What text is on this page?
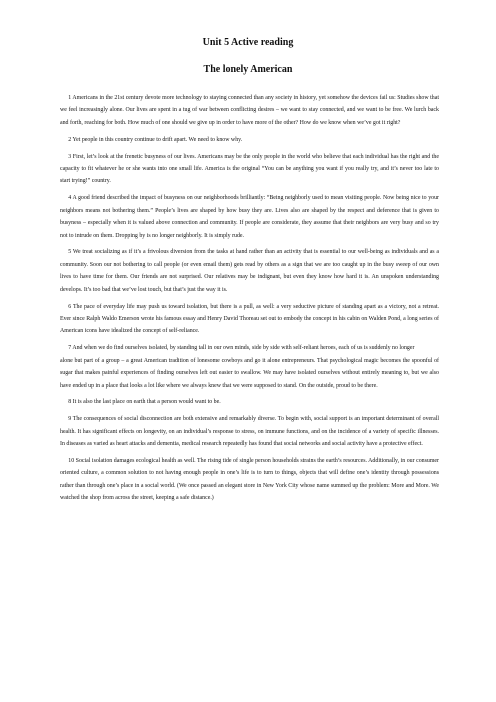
Unit 5 Active reading
The lonely American

1 Americans in the 21st century devote more technology to staying connected than any society in history, yet somehow the devices fail us: Studies show that we feel increasingly alone. Our lives are spent in a tug of war between conflicting desires – we want to stay connected, and we want to be free. We lurch back and forth, reaching for both. How much of one should we give up in order to have more of the other? How do we know when we’ve got it right?

2 Yet people in this country continue to drift apart. We need to know why.

3 First, let’s look at the frenetic busyness of our lives. Americans may be the only people in the world who believe that each individual has the right and the capacity to fit whatever he or she wants into one small life. America is the original “You can be anything you want if you really try, and it’s never too late to start trying!” country.

4 A good friend described the impact of busyness on our neighborhoods brilliantly: “Being neighborly used to mean visiting people. Now being nice to your neighbors means not bothering them.” People’s lives are shaped by how busy they are. Lives also are shaped by the respect and deference that is given to busyness – especially when it is valued above connection and community. If people are considerate, they assume that their neighbors are very busy and so try not to intrude on them. Dropping by is no longer neighborly. It is simply rude.

5 We treat socializing as if it’s a frivolous diversion from the tasks at hand rather than an activity that is essential to our well-being as individuals and as a community. Soon our not bothering to call people (or even email them) gets read by others as a sign that we are too caught up in the busy sweep of our own lives to have time for them. Our friends are not surprised. Our relatives may be indignant, but even they know how hard it is. An unspoken understanding develops. It’s too bad that we’ve lost touch, but that’s just the way it is.

6 The pace of everyday life may push us toward isolation, but there is a pull, as well: a very seductive picture of standing apart as a victory, not a retreat. Ever since Ralph Waldo Emerson wrote his famous essay and Henry David Thoreau set out to embody the concept in his cabin on Walden Pond, a long series of American icons have idealized the concept of self-reliance.

7 And when we do find ourselves isolated, by standing tall in our own minds, side by side with self-reliant heroes, each of us is suddenly no longer

alone but part of a group – a great American tradition of lonesome cowboys and go it alone entrepreneurs. That psychological magic becomes the spoonful of sugar that makes painful experiences of finding ourselves left out easier to swallow. We may have isolated ourselves without entirely meaning to, but we also have ended up in a place that looks a lot like where we always knew that we were supposed to stand. On the outside, proud to be there.

8 It is also the last place on earth that a person would want to be.

9 The consequences of social disconnection are both extensive and remarkably diverse. To begin with, social support is an important determinant of overall health. It has significant effects on longevity, on an individual’s response to stress, on immune functions, and on the incidence of a variety of specific illnesses. In diseases as varied as heart attacks and dementia, medical research repeatedly has found that social networks and social activity have a protective effect.

10 Social isolation damages ecological health as well. The rising tide of single person households strains the earth’s resources. Additionally, in our consumer oriented culture, a common solution to not having enough people in one’s life is to turn to things, objects that will define one’s identity through possessions rather than through one’s place in a social world. (We once passed an elegant store in New York City whose name summed up the problem: More and More. We watched the shop from across the street, keeping a safe distance.)
